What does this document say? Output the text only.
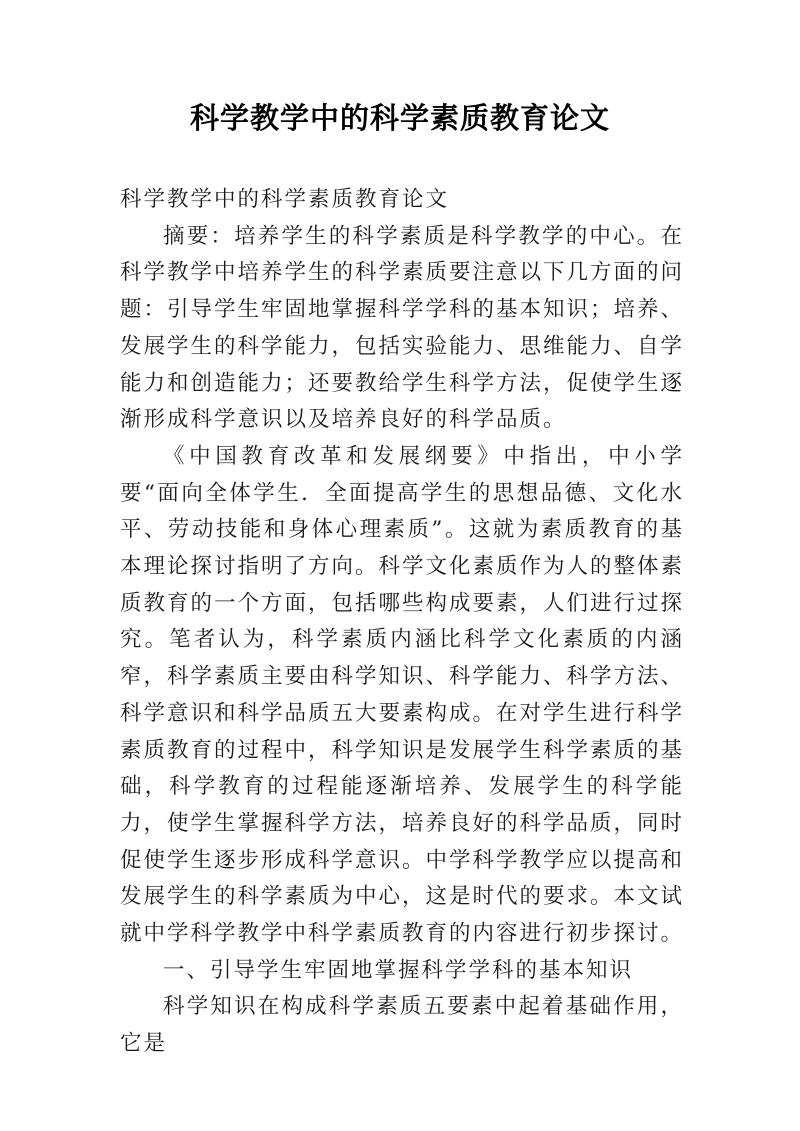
科学教学中的科学素质教育论文

科学教学中的科学素质教育论文

摘要：培养学生的科学素质是科学教学的中心。在科学教学中培养学生的科学素质要注意以下几方面的问题：引导学生牢固地掌握科学学科的基本知识；培养、发展学生的科学能力，包括实验能力、思维能力、自学能力和创造能力；还要教给学生科学方法，促使学生逐渐形成科学意识以及培养良好的科学品质。

《中国教育改革和发展纲要》中指出，中小学要“面向全体学生．全面提高学生的思想品德、文化水平、劳动技能和身体心理素质”。这就为素质教育的基本理论探讨指明了方向。科学文化素质作为人的整体素质教育的一个方面，包括哪些构成要素，人们进行过探究。笔者认为，科学素质内涵比科学文化素质的内涵窄，科学素质主要由科学知识、科学能力、科学方法、科学意识和科学品质五大要素构成。在对学生进行科学素质教育的过程中，科学知识是发展学生科学素质的基础，科学教育的过程能逐渐培养、发展学生的科学能力，使学生掌握科学方法，培养良好的科学品质，同时促使学生逐步形成科学意识。中学科学教学应以提高和发展学生的科学素质为中心，这是时代的要求。本文试就中学科学教学中科学素质教育的内容进行初步探讨。

一、引导学生牢固地掌握科学学科的基本知识

科学知识在构成科学素质五要素中起着基础作用，它是
